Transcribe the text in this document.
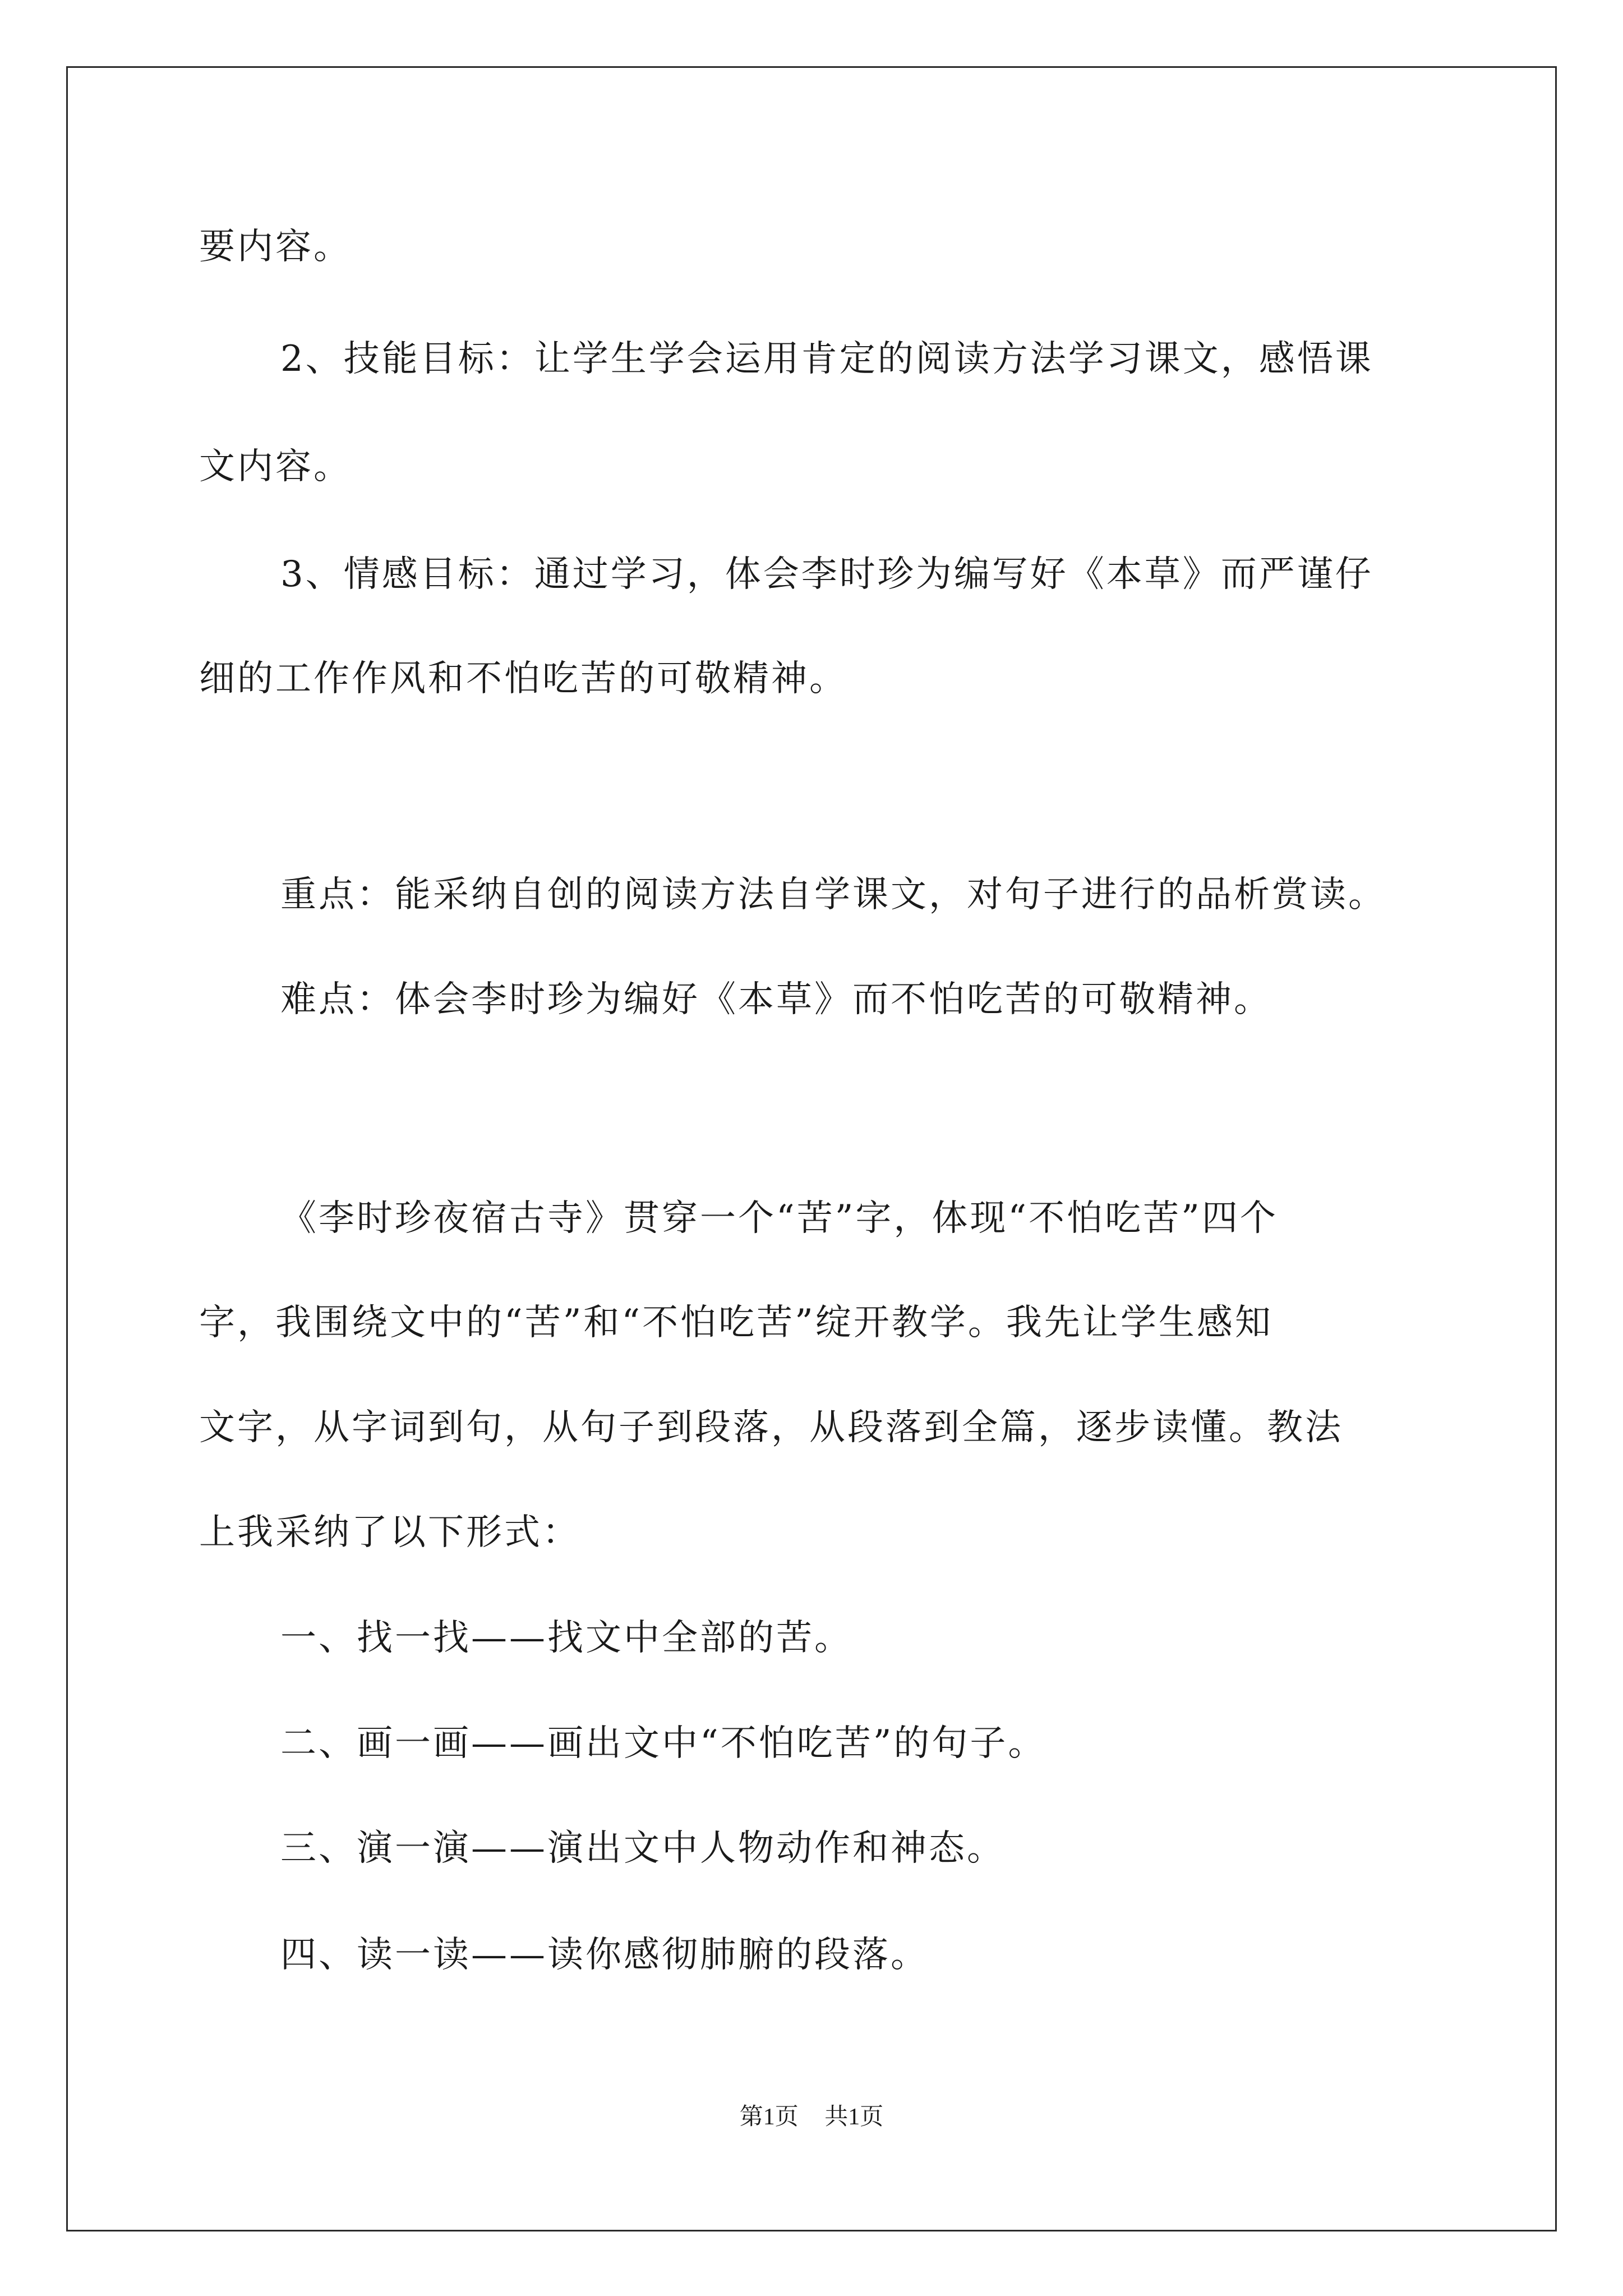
要内容。

2、技能目标：让学生学会运用肯定的阅读方法学习课文，感悟课

文内容。

3、情感目标：通过学习，体会李时珍为编写好《本草》而严谨仔

细的工作作风和不怕吃苦的可敬精神。

重点：能采纳自创的阅读方法自学课文，对句子进行的品析赏读。

难点：体会李时珍为编好《本草》而不怕吃苦的可敬精神。

《李时珍夜宿古寺》贯穿一个“苦”字，体现“不怕吃苦”四个

字，我围绕文中的“苦”和“不怕吃苦”绽开教学。我先让学生感知

文字，从字词到句，从句子到段落，从段落到全篇，逐步读懂。教法

上我采纳了以下形式：

一、找一找——找文中全部的苦。

二、画一画——画出文中“不怕吃苦”的句子。

三、演一演——演出文中人物动作和神态。

四、读一读——读你感彻肺腑的段落。

第1页 共1页
